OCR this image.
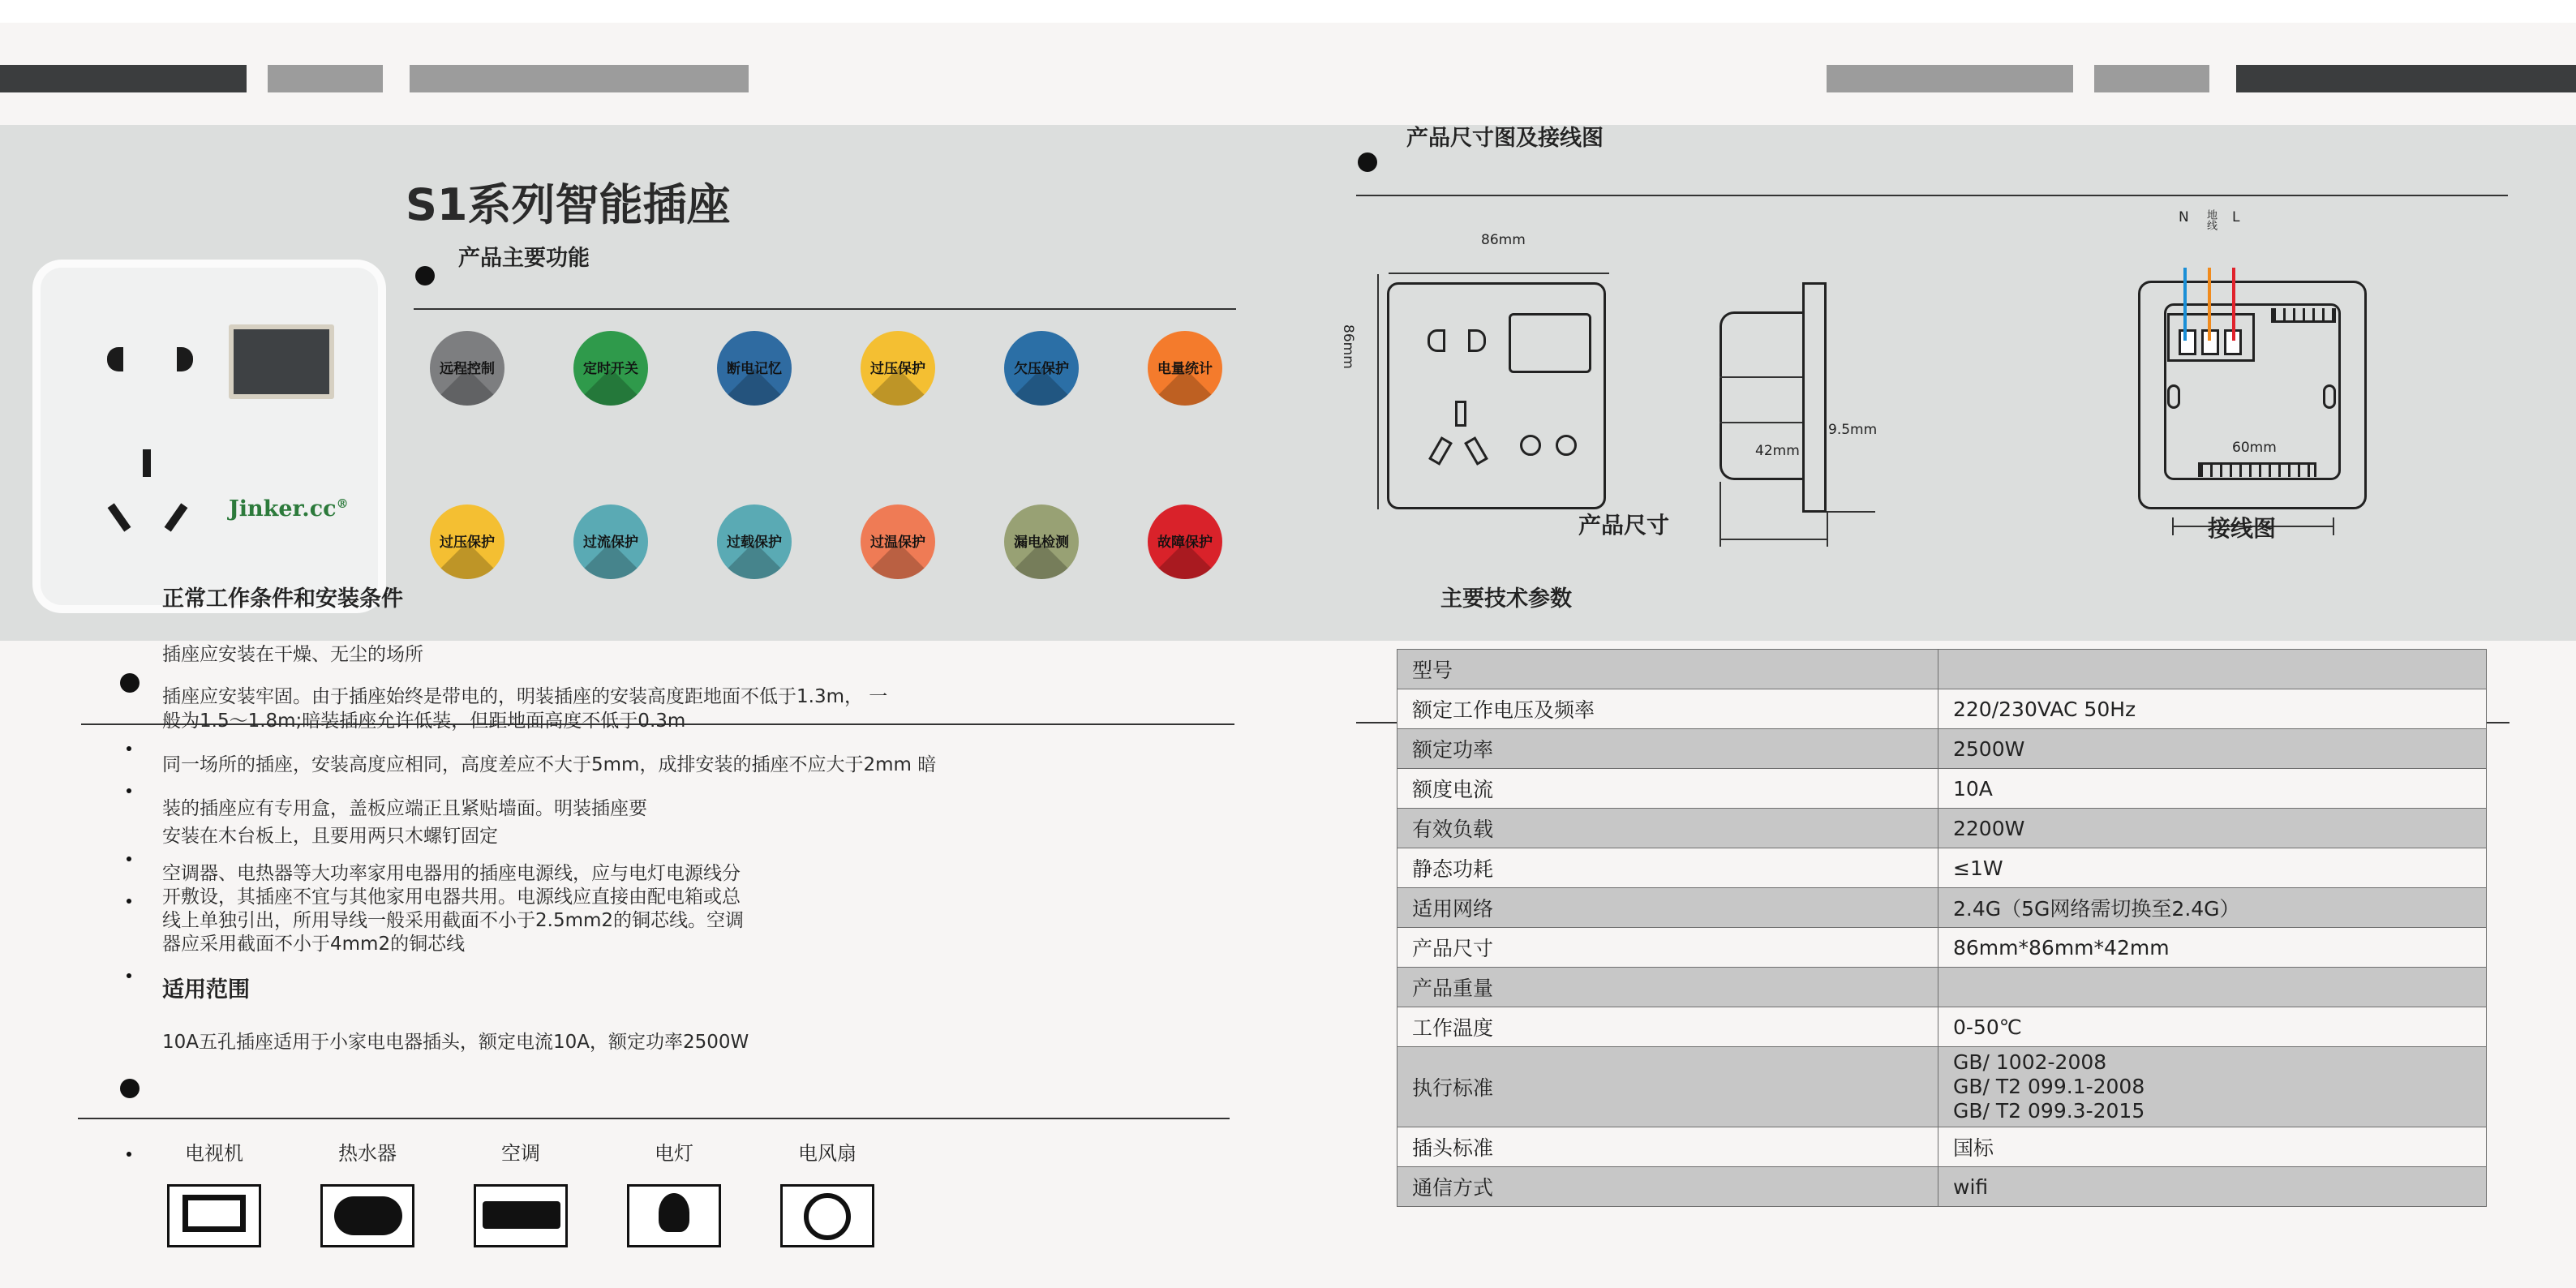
Jinker.cc®
S1系列智能插座
产品主要功能
远程控制	定时开关	断电记忆	过压保护	欠压保护	电量统计
过压保护	过流保护	过载保护	过温保护	漏电检测	故障保护
产品尺寸图及接线图
86mm
86mm
产品尺寸
42mm
9.5mm
N 地线 L
60mm
接线图
主要技术参数
型号	
额定工作电压及频率	220/230VAC 50Hz
额定功率	2500W
额度电流	10A
有效负载	2200W
静态功耗	≤1W
适用网络	2.4G（5G网络需切换至2.4G）
产品尺寸	86mm*86mm*42mm
产品重量	
工作温度	0-50℃
执行标准	GB/ 1002-2008
GB/ T2 099.1-2008
GB/ T2 099.3-2015

插头标准	国标
通信方式	wifi
正常工作条件和安装条件
插座应安装在干燥、无尘的场所
插座应安装牢固。由于插座始终是带电的，明装插座的安装高度距地面不低于1.3m， 一
般为1.5～1.8m;暗装插座允许低装，但距地面高度不低于0.3m
同一场所的插座，安装高度应相同，高度差应不大于5mm，成排安装的插座不应大于2mm 暗
装的插座应有专用盒，盖板应端正且紧贴墙面。明装插座要
安装在木台板上，且要用两只木螺钉固定
空调器、电热器等大功率家用电器用的插座电源线，应与电灯电源线分
开敷设，其插座不宜与其他家用电器共用。电源线应直接由配电箱或总
线上单独引出，所用导线一般采用截面不小于2.5mm2的铜芯线。空调
器应采用截面不小于4mm2的铜芯线
适用范围
10A五孔插座适用于小家电电器插头，额定电流10A，额定功率2500W
电视机	热水器	空调	电灯	电风扇
